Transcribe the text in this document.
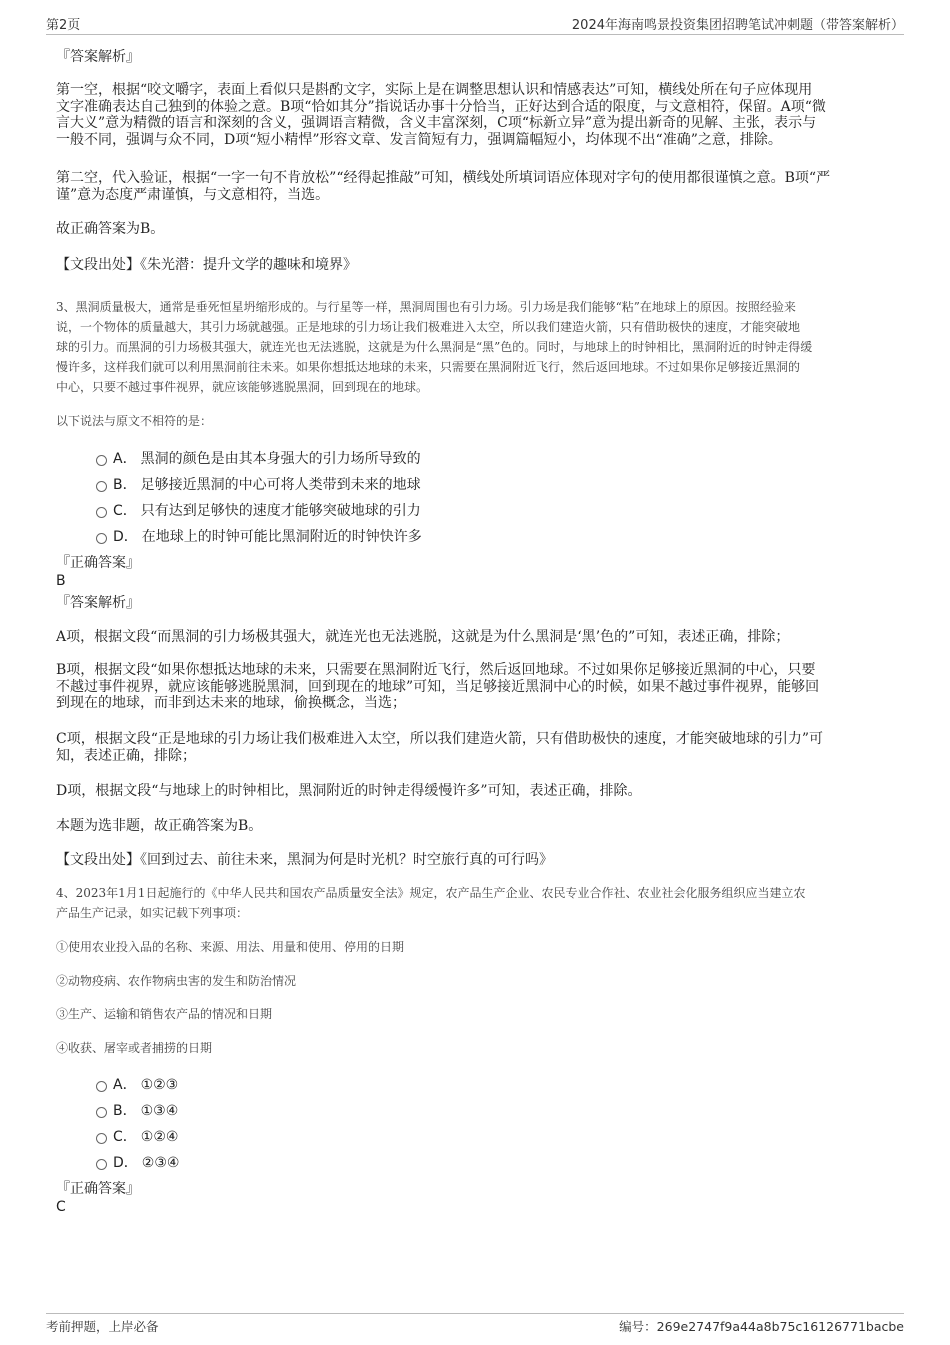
第2页	2024年海南鸣景投资集团招聘笔试冲刺题（带答案解析）
『答案解析』
第一空，根据“咬文嚼字，表面上看似只是斟酌文字，实际上是在调整思想认识和情感表达”可知，横线处所在句子应体现用
文字准确表达自己独到的体验之意。B项“恰如其分”指说话办事十分恰当，正好达到合适的限度，与文意相符，保留。A项“微
言大义”意为精微的语言和深刻的含义，强调语言精微，含义丰富深刻，C项“标新立异”意为提出新奇的见解、主张，表示与
一般不同，强调与众不同，D项“短小精悍”形容文章、发言简短有力，强调篇幅短小，均体现不出“准确”之意，排除。
第二空，代入验证，根据“一字一句不肯放松”“经得起推敲”可知，横线处所填词语应体现对字句的使用都很谨慎之意。B项“严
谨”意为态度严肃谨慎，与文意相符，当选。
故正确答案为B。
【文段出处】《朱光潜：提升文学的趣味和境界》
3、黑洞质量极大，通常是垂死恒星坍缩形成的。与行星等一样，黑洞周围也有引力场。引力场是我们能够“粘”在地球上的原因。按照经验来
说，一个物体的质量越大，其引力场就越强。正是地球的引力场让我们极难进入太空，所以我们建造火箭，只有借助极快的速度，才能突破地
球的引力。而黑洞的引力场极其强大，就连光也无法逃脱，这就是为什么黑洞是“黑”色的。同时，与地球上的时钟相比，黑洞附近的时钟走得缓
慢许多，这样我们就可以利用黑洞前往未来。如果你想抵达地球的未来，只需要在黑洞附近飞行，然后返回地球。不过如果你足够接近黑洞的
中心，只要不越过事件视界，就应该能够逃脱黑洞，回到现在的地球。
以下说法与原文不相符的是：
A． 黑洞的颜色是由其本身强大的引力场所导致的
B． 足够接近黑洞的中心可将人类带到未来的地球
C． 只有达到足够快的速度才能够突破地球的引力
D． 在地球上的时钟可能比黑洞附近的时钟快许多
『正确答案』
B
『答案解析』
A项，根据文段“而黑洞的引力场极其强大，就连光也无法逃脱，这就是为什么黑洞是‘黑’色的”可知，表述正确，排除；
B项，根据文段“如果你想抵达地球的未来，只需要在黑洞附近飞行，然后返回地球。不过如果你足够接近黑洞的中心，只要
不越过事件视界，就应该能够逃脱黑洞，回到现在的地球”可知，当足够接近黑洞中心的时候，如果不越过事件视界，能够回
到现在的地球，而非到达未来的地球，偷换概念，当选；
C项，根据文段“正是地球的引力场让我们极难进入太空，所以我们建造火箭，只有借助极快的速度，才能突破地球的引力”可
知，表述正确，排除；
D项，根据文段“与地球上的时钟相比，黑洞附近的时钟走得缓慢许多”可知，表述正确，排除。
本题为选非题，故正确答案为B。
【文段出处】《回到过去、前往未来，黑洞为何是时光机？时空旅行真的可行吗》
4、2023年1月1日起施行的《中华人民共和国农产品质量安全法》规定，农产品生产企业、农民专业合作社、农业社会化服务组织应当建立农
产品生产记录，如实记载下列事项：
①使用农业投入品的名称、来源、用法、用量和使用、停用的日期
②动物疫病、农作物病虫害的发生和防治情况
③生产、运输和销售农产品的情况和日期
④收获、屠宰或者捕捞的日期
A． ①②③
B． ①③④
C． ①②④
D． ②③④
『正确答案』
C
考前押题，上岸必备	编号：269e2747f9a44a8b75c16126771bacbe
